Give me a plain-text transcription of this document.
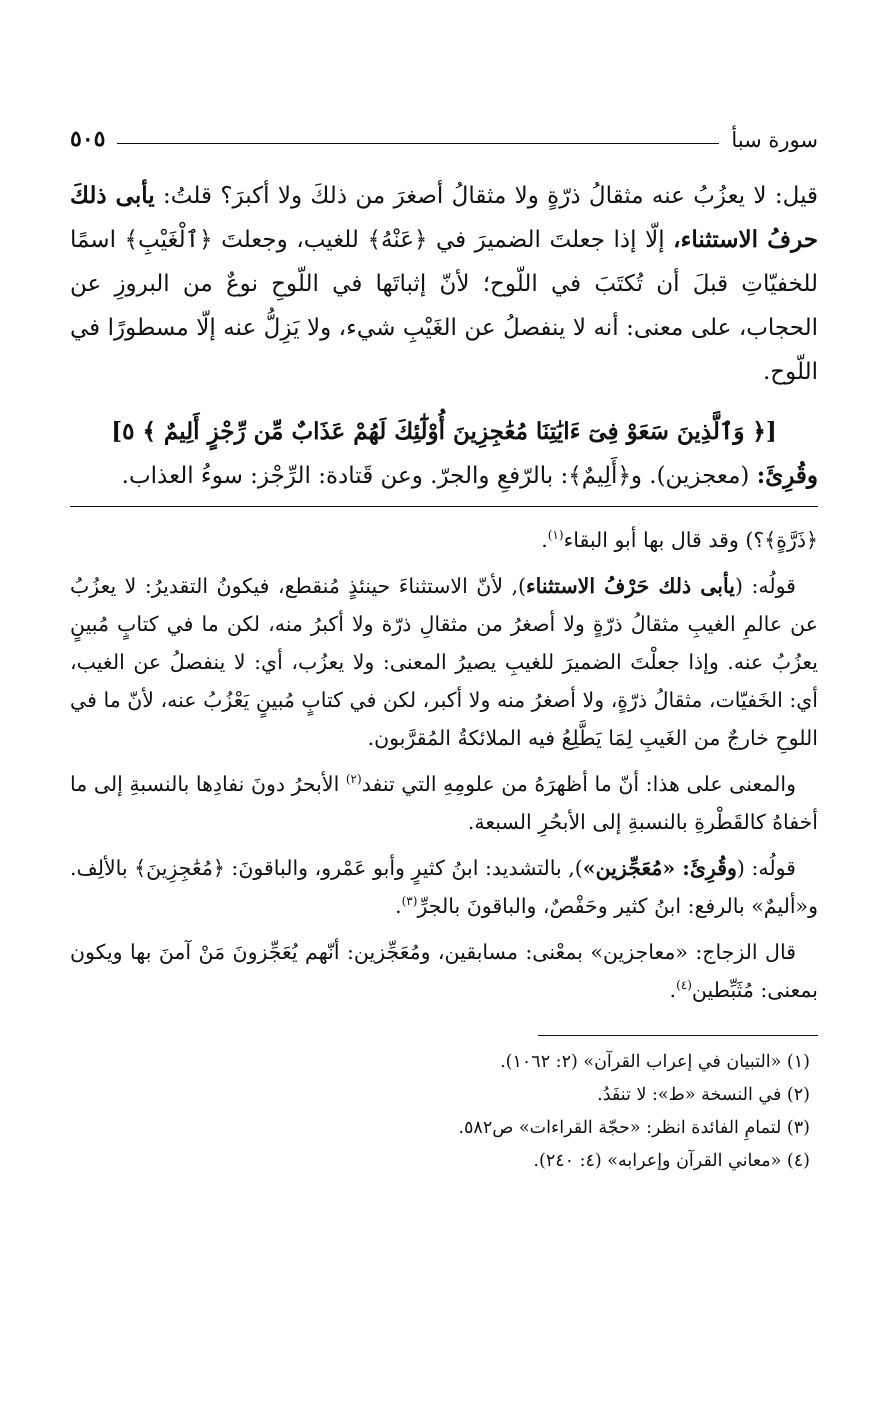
سورة سبأ
٥٠٥

قيل: لا يعزُبُ عنه مثقالُ ذرّةٍ ولا مثقالُ أصغرَ من ذلكَ ولا أكبرَ؟ قلتُ: يأبى ذلكَ حرفُ الاستثناء، إلّا إذا جعلتَ الضميرَ في ﴿عَنْهُ﴾ للغيب، وجعلتَ ﴿ٱلْغَيْبِ﴾ اسمًا للخفيّاتِ قبلَ أن تُكتَبَ في اللّوح؛ لأنّ إثباتَها في اللّوحِ نوعٌ من البروزِ عن الحجاب، على معنى: أنه لا ينفصلُ عن الغَيْبِ شيء، ولا يَزِلُّ عنه إلّا مسطورًا في اللّوح.

[﴿ وَٱلَّذِينَ سَعَوْ فِىٓ ءَايَٰتِنَا مُعَٰجِزِينَ أُوْلَٰٓئِكَ لَهُمْ عَذَابٌ مِّن رِّجْزٍ أَلِيمٌ ﴾ ٥]

وقُرِئَ: (معجزين). و﴿أَلِيمٌ﴾: بالرّفعِ والجرّ. وعن قَتادة: الرِّجْز: سوءُ العذاب.

﴿ذَرَّةٍ﴾؟) وقد قال بها أبو البقاء$^{(١)}$.

قولُه: (يأبى ذلك حَرْفُ الاستثناء), لأنّ الاستثناءَ حينئذٍ مُنقطع، فيكونُ التقديرُ: لا يعزُبُ عن عالمِ الغيبِ مثقالُ ذرّةٍ ولا أصغرُ من مثقالِ ذرّة ولا أكبرُ منه، لكن ما في كتابٍ مُبينٍ يعزُبُ عنه. وإذا جعلْتَ الضميرَ للغيبِ يصيرُ المعنى: ولا يعزُب، أي: لا ينفصلُ عن الغيب، أي: الخَفيّات، مثقالُ ذرّةٍ، ولا أصغرُ منه ولا أكبر، لكن في كتابٍ مُبينٍ يَعْزُبُ عنه، لأنّ ما في اللوحِ خارجٌ من الغَيبِ لِمَا يَطَّلِعُ فيه الملائكةُ المُقرَّبون.

والمعنى على هذا: أنّ ما أظهرَهُ من علومِهِ التي تنفد$^{(٢)}$ الأبحرُ دونَ نفادِها بالنسبةِ إلى ما أخفاهُ كالقَطْرةِ بالنسبةِ إلى الأبحُرِ السبعة.

قولُه: (وقُرِئَ: «مُعَجِّزين»), بالتشديد: ابنُ كثيرٍ وأبو عَمْرو، والباقونَ: ﴿مُعَٰجِزِينَ﴾ بالألِف. و«أليمٌ» بالرفع: ابنُ كثير وحَفْصٌ، والباقونَ بالجرِّ$^{(٣)}$.

قال الزجاج: «معاجزين» بمعْنى: مسابقين، ومُعَجِّزين: أنّهم يُعَجِّزونَ مَنْ آمنَ بها ويكون بمعنى: مُثَبِّطين$^{(٤)}$.

(١) «التبيان في إعراب القرآن» (٢: ١٠٦٢).
(٢) في النسخة «ط»: لا تنفَدُ.
(٣) لتمامِ الفائدة انظر: «حجّة القراءات» ص٥٨٢.
(٤) «معاني القرآن وإعرابه» (٤: ٢٤٠).
